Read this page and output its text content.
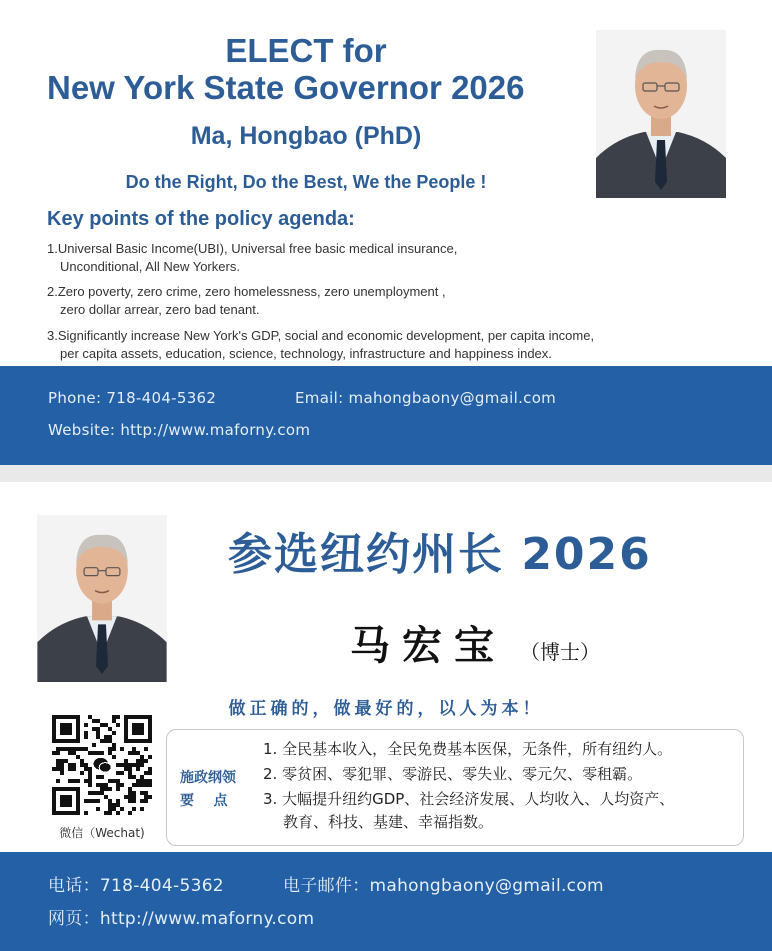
ELECT for
New York State Governor 2026
Ma, Hongbao (PhD)
Do the Right, Do the Best, We the People !
Key points of the policy agenda:
1.Universal Basic Income(UBI), Universal free basic medical insurance,
Unconditional, All New Yorkers.
2.Zero poverty, zero crime, zero homelessness, zero unemployment ,
zero dollar arrear, zero bad tenant.
3.Significantly increase New York's GDP, social and economic development, per capita income,
per capita assets, education, science, technology, infrastructure and happiness index.
Phone: 718-404-5362	Email: mahongbaony@gmail.com
Website: http://www.maforny.com
参选纽约州长 2026
马宏宝 （博士）
做正确的，做最好的，以人为本！
微信（Wechat)
施政纲领
要    点
1. 全民基本收入，全民免费基本医保，无条件，所有纽约人。
2. 零贫困、零犯罪、零游民、零失业、零元欠、零租霸。
3. 大幅提升纽约GDP、社会经济发展、人均收入、人均资产、
教育、科技、基建、幸福指数。
电话：718-404-5362	电子邮件：mahongbaony@gmail.com
网页：http://www.maforny.com
